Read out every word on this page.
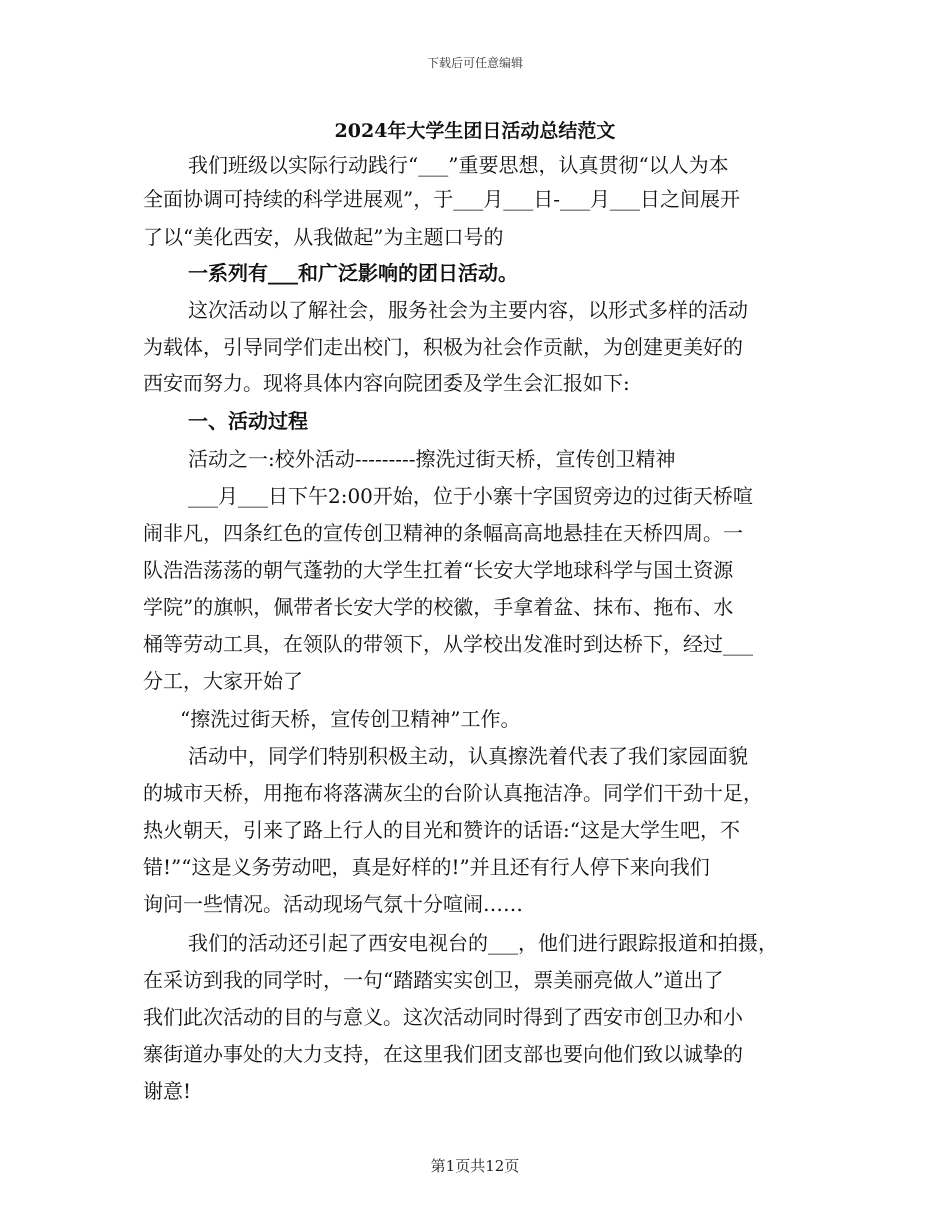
下载后可任意编辑
2024年大学生团日活动总结范文
我们班级以实际行动践行“___”重要思想，认真贯彻“以人为本
全面协调可持续的科学进展观”，于___月___日-___月___日之间展开
了以“美化西安，从我做起”为主题口号的
一系列有___和广泛影响的团日活动。
这次活动以了解社会，服务社会为主要内容，以形式多样的活动
为载体，引导同学们走出校门，积极为社会作贡献，为创建更美好的
西安而努力。现将具体内容向院团委及学生会汇报如下:
一、活动过程
活动之一:校外活动---------擦洗过街天桥，宣传创卫精神
___月___日下午2:00开始，位于小寨十字国贸旁边的过街天桥喧
闹非凡，四条红色的宣传创卫精神的条幅高高地悬挂在天桥四周。一
队浩浩荡荡的朝气蓬勃的大学生扛着“长安大学地球科学与国土资源
学院”的旗帜，佩带者长安大学的校徽，手拿着盆、抹布、拖布、水
桶等劳动工具，在领队的带领下，从学校出发准时到达桥下，经过___
分工，大家开始了
“擦洗过街天桥，宣传创卫精神”工作。
活动中，同学们特别积极主动，认真擦洗着代表了我们家园面貌
的城市天桥，用拖布将落满灰尘的台阶认真拖洁净。同学们干劲十足，
热火朝天，引来了路上行人的目光和赞许的话语:“这是大学生吧，不
错!”“这是义务劳动吧，真是好样的!”并且还有行人停下来向我们
询问一些情况。活动现场气氛十分喧闹……
我们的活动还引起了西安电视台的___，他们进行跟踪报道和拍摄，
在采访到我的同学时，一句“踏踏实实创卫，票美丽亮做人”道出了
我们此次活动的目的与意义。这次活动同时得到了西安市创卫办和小
寨街道办事处的大力支持，在这里我们团支部也要向他们致以诚挚的
谢意!
第1页共12页
